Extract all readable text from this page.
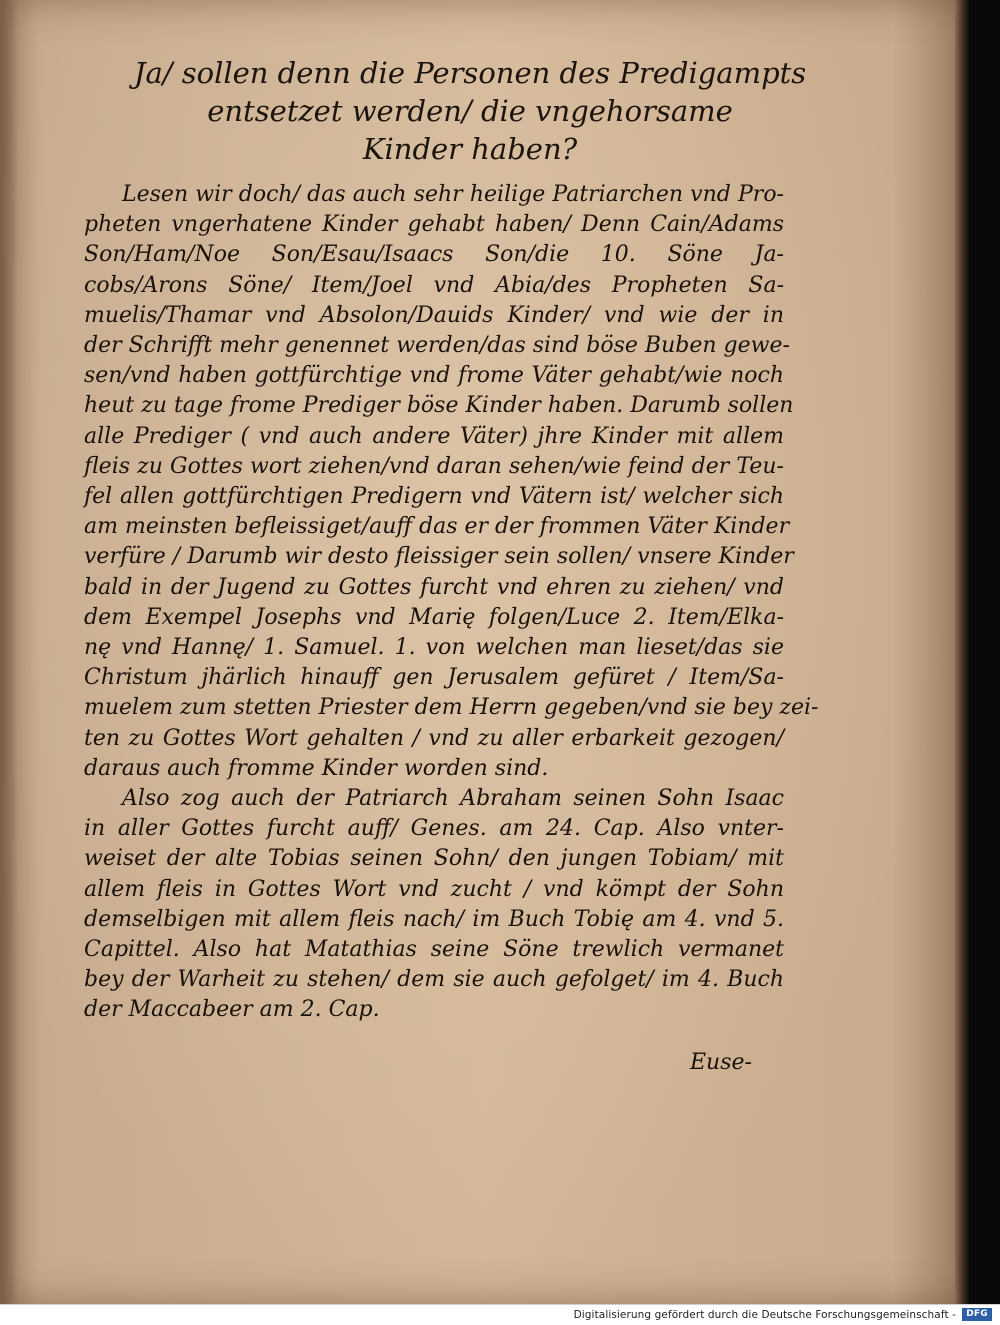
Ja/ sollen denn die Personen des Predigampts
entsetzet werden/ die vngehorsame
Kinder haben?
Lesen wir doch/ das auch sehr heilige Patriarchen vnd Pro-
pheten vngerhatene Kinder gehabt haben/ Denn Cain/Adams
Son/Ham/Noe Son/Esau/Isaacs Son/die 10. Söne Ja-
cobs/Arons Söne/ Item/Joel vnd Abia/des Propheten Sa-
muelis/Thamar vnd Absolon/Dauids Kinder/ vnd wie der in
der Schrifft mehr genennet werden/das sind böse Buben gewe-
sen/vnd haben gottfürchtige vnd frome Väter gehabt/wie noch
heut zu tage frome Prediger böse Kinder haben. Darumb sollen
alle Prediger ( vnd auch andere Väter) jhre Kinder mit allem
fleis zu Gottes wort ziehen/vnd daran sehen/wie feind der Teu-
fel allen gottfürchtigen Predigern vnd Vätern ist/ welcher sich
am meinsten befleissiget/auff das er der frommen Väter Kinder
verfüre / Darumb wir desto fleissiger sein sollen/ vnsere Kinder
bald in der Jugend zu Gottes furcht vnd ehren zu ziehen/ vnd
dem Exempel Josephs vnd Marię folgen/Luce 2. Item/Elka-
nę vnd Hannę/ 1. Samuel. 1. von welchen man lieset/das sie
Christum jhärlich hinauff gen Jerusalem gefüret / Item/Sa-
muelem zum stetten Priester dem Herrn gegeben/vnd sie bey zei-
ten zu Gottes Wort gehalten / vnd zu aller erbarkeit gezogen/
daraus auch fromme Kinder worden sind.
Also zog auch der Patriarch Abraham seinen Sohn Isaac
in aller Gottes furcht auff/ Genes. am 24. Cap. Also vnter-
weiset der alte Tobias seinen Sohn/ den jungen Tobiam/ mit
allem fleis in Gottes Wort vnd zucht / vnd kömpt der Sohn
demselbigen mit allem fleis nach/ im Buch Tobię am 4. vnd 5.
Capittel. Also hat Matathias seine Söne trewlich vermanet
bey der Warheit zu stehen/ dem sie auch gefolget/ im 4. Buch
der Maccabeer am 2. Cap.
Euse-
Digitalisierung gefördert durch die Deutsche Forschungsgemeinschaft -	DFG
